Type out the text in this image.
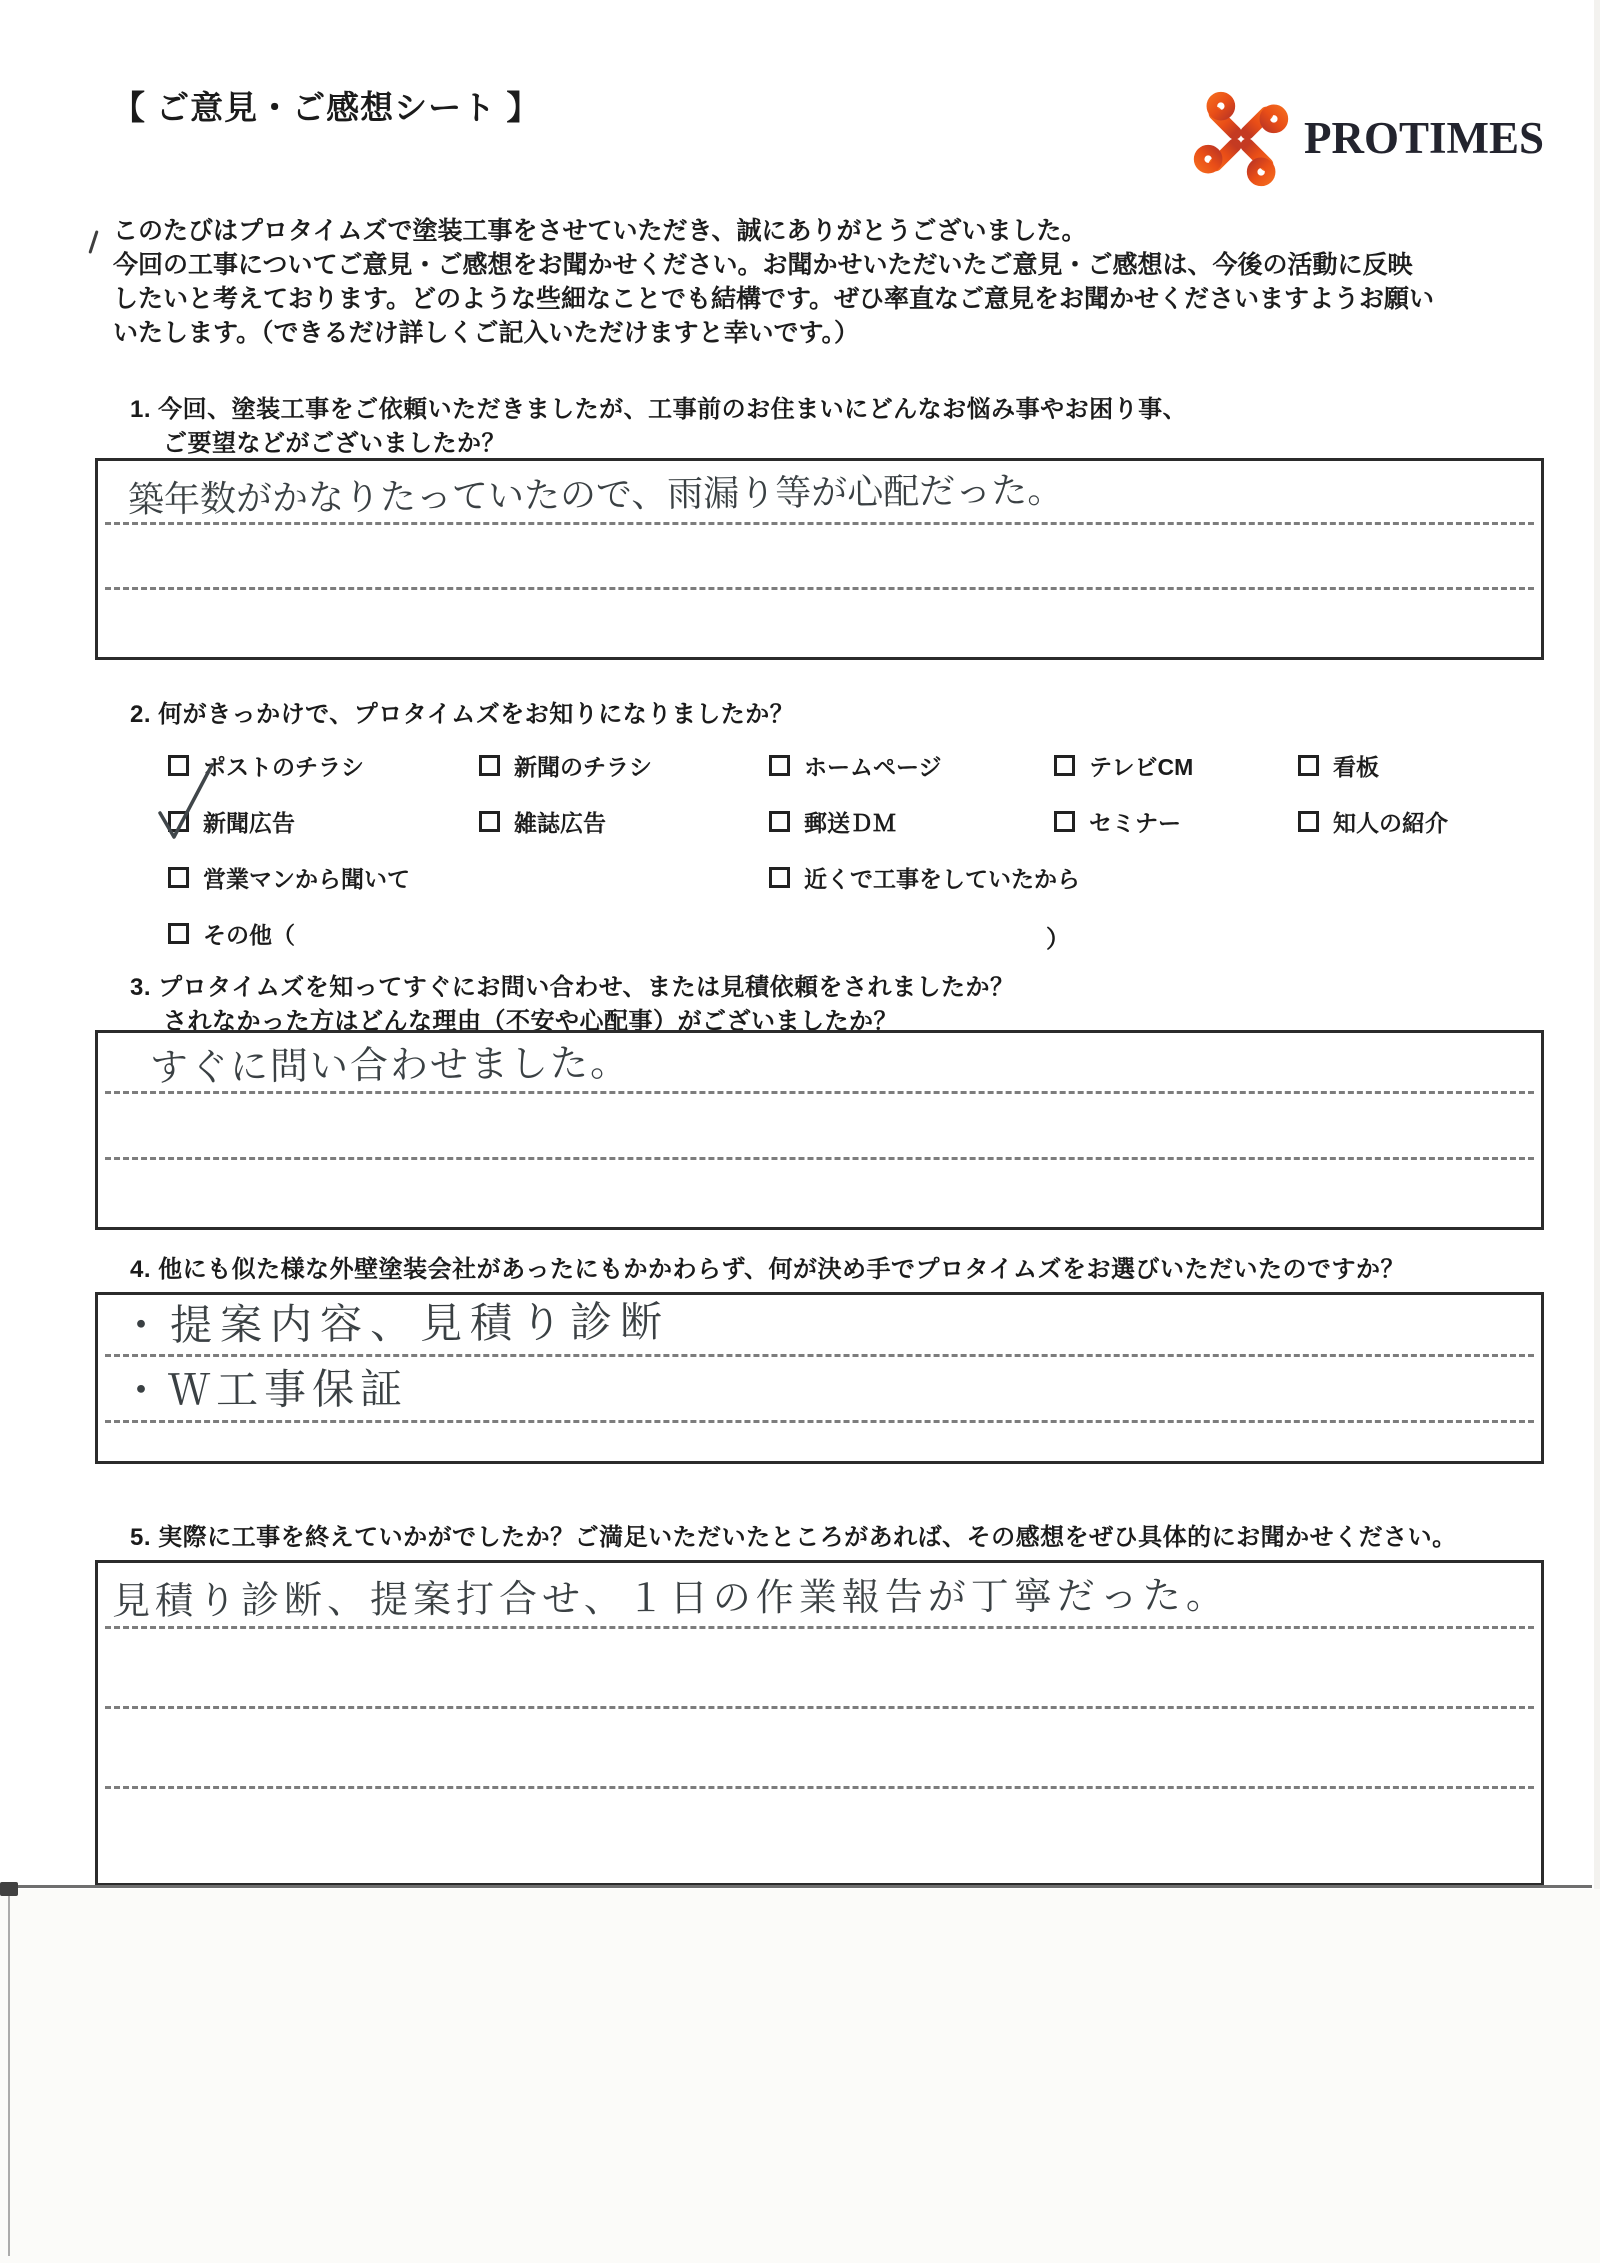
【 ご意見・ご感想シート 】
PROTIMES
このたびはプロタイムズで塗装工事をさせていただき、誠にありがとうございました。
今回の工事についてご意見・ご感想をお聞かせください。お聞かせいただいたご意見・ご感想は、今後の活動に反映
したいと考えております。どのような些細なことでも結構です。ぜひ率直なご意見をお聞かせくださいますようお願い
いたします。（できるだけ詳しくご記入いただけますと幸いです。）
1. 今回、塗装工事をご依頼いただきましたが、工事前のお住まいにどんなお悩み事やお困り事、
ご要望などがございましたか？
築年数がかなりたっていたので、雨漏り等が心配だった。
2. 何がきっかけで、プロタイムズをお知りになりましたか？
ポストのチラシ	新聞のチラシ	ホームページ	テレビCM	看板
新聞広告	雑誌広告	郵送ＤＭ	セミナー	知人の紹介
営業マンから聞いて	近くで工事をしていたから
その他（	）
3. プロタイムズを知ってすぐにお問い合わせ、または見積依頼をされましたか？
されなかった方はどんな理由（不安や心配事）がございましたか？
すぐに問い合わせました。
4. 他にも似た様な外壁塗装会社があったにもかかわらず、何が決め手でプロタイムズをお選びいただいたのですか？
・提案内容、見積り診断
・Ｗ工事保証
5. 実際に工事を終えていかがでしたか？ご満足いただいたところがあれば、その感想をぜひ具体的にお聞かせください。
見積り診断、提案打合せ、１日の作業報告が丁寧だった。
